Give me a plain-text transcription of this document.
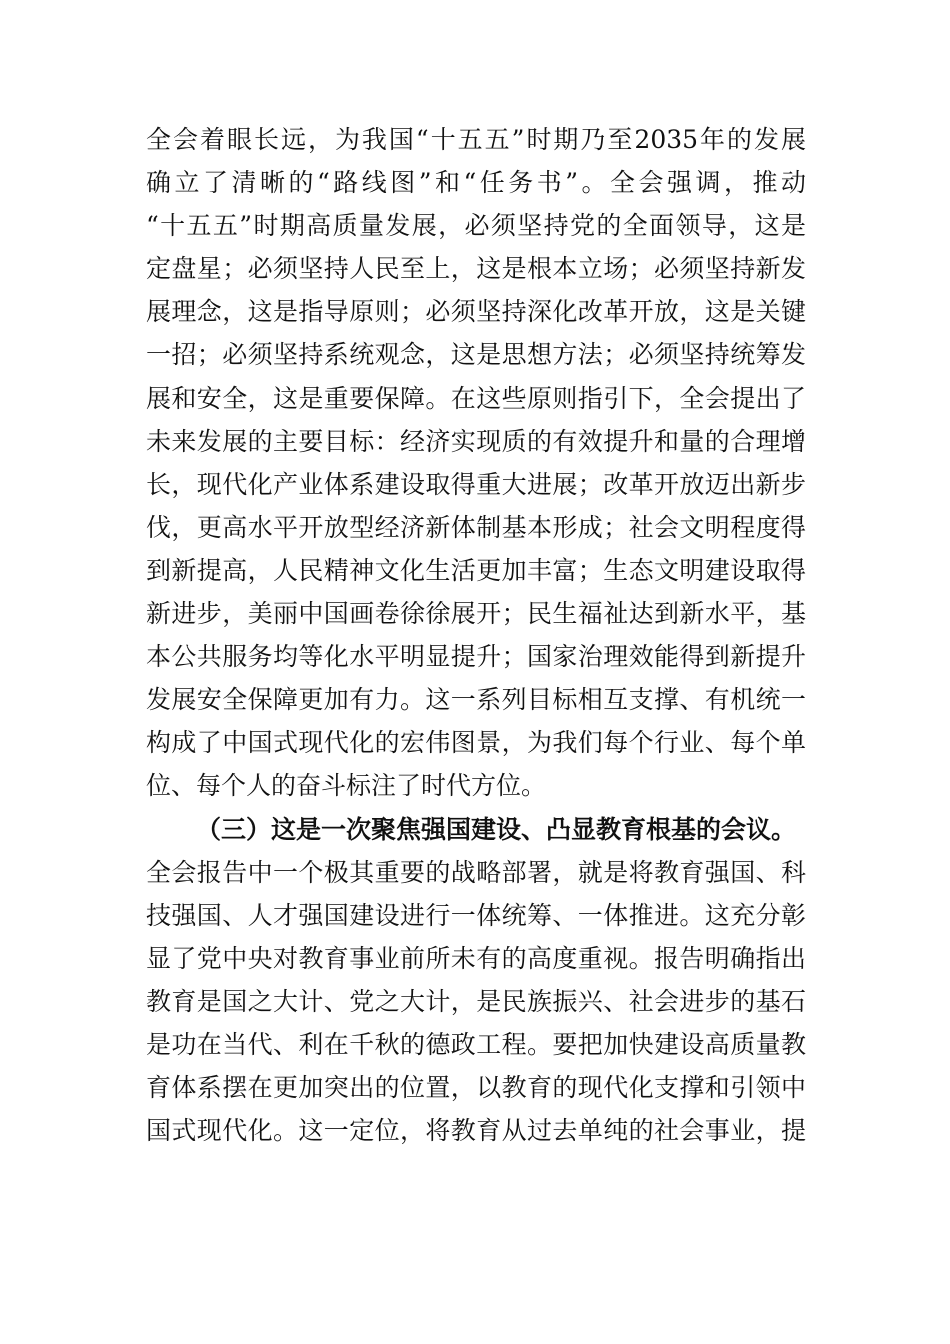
全会着眼长远，为我国“十五五”时期乃至2035年的发展
确立了清晰的“路线图”和“任务书”。全会强调，推动
“十五五”时期高质量发展，必须坚持党的全面领导，这是
定盘星；必须坚持人民至上，这是根本立场；必须坚持新发
展理念，这是指导原则；必须坚持深化改革开放，这是关键
一招；必须坚持系统观念，这是思想方法；必须坚持统筹发
展和安全，这是重要保障。在这些原则指引下，全会提出了
未来发展的主要目标：经济实现质的有效提升和量的合理增
长，现代化产业体系建设取得重大进展；改革开放迈出新步
伐，更高水平开放型经济新体制基本形成；社会文明程度得
到新提高，人民精神文化生活更加丰富；生态文明建设取得
新进步，美丽中国画卷徐徐展开；民生福祉达到新水平，基
本公共服务均等化水平明显提升；国家治理效能得到新提升
发展安全保障更加有力。这一系列目标相互支撑、有机统一
构成了中国式现代化的宏伟图景，为我们每个行业、每个单
位、每个人的奋斗标注了时代方位。
（三）这是一次聚焦强国建设、凸显教育根基的会议。
全会报告中一个极其重要的战略部署，就是将教育强国、科
技强国、人才强国建设进行一体统筹、一体推进。这充分彰
显了党中央对教育事业前所未有的高度重视。报告明确指出
教育是国之大计、党之大计，是民族振兴、社会进步的基石
是功在当代、利在千秋的德政工程。要把加快建设高质量教
育体系摆在更加突出的位置，以教育的现代化支撑和引领中
国式现代化。这一定位，将教育从过去单纯的社会事业，提
